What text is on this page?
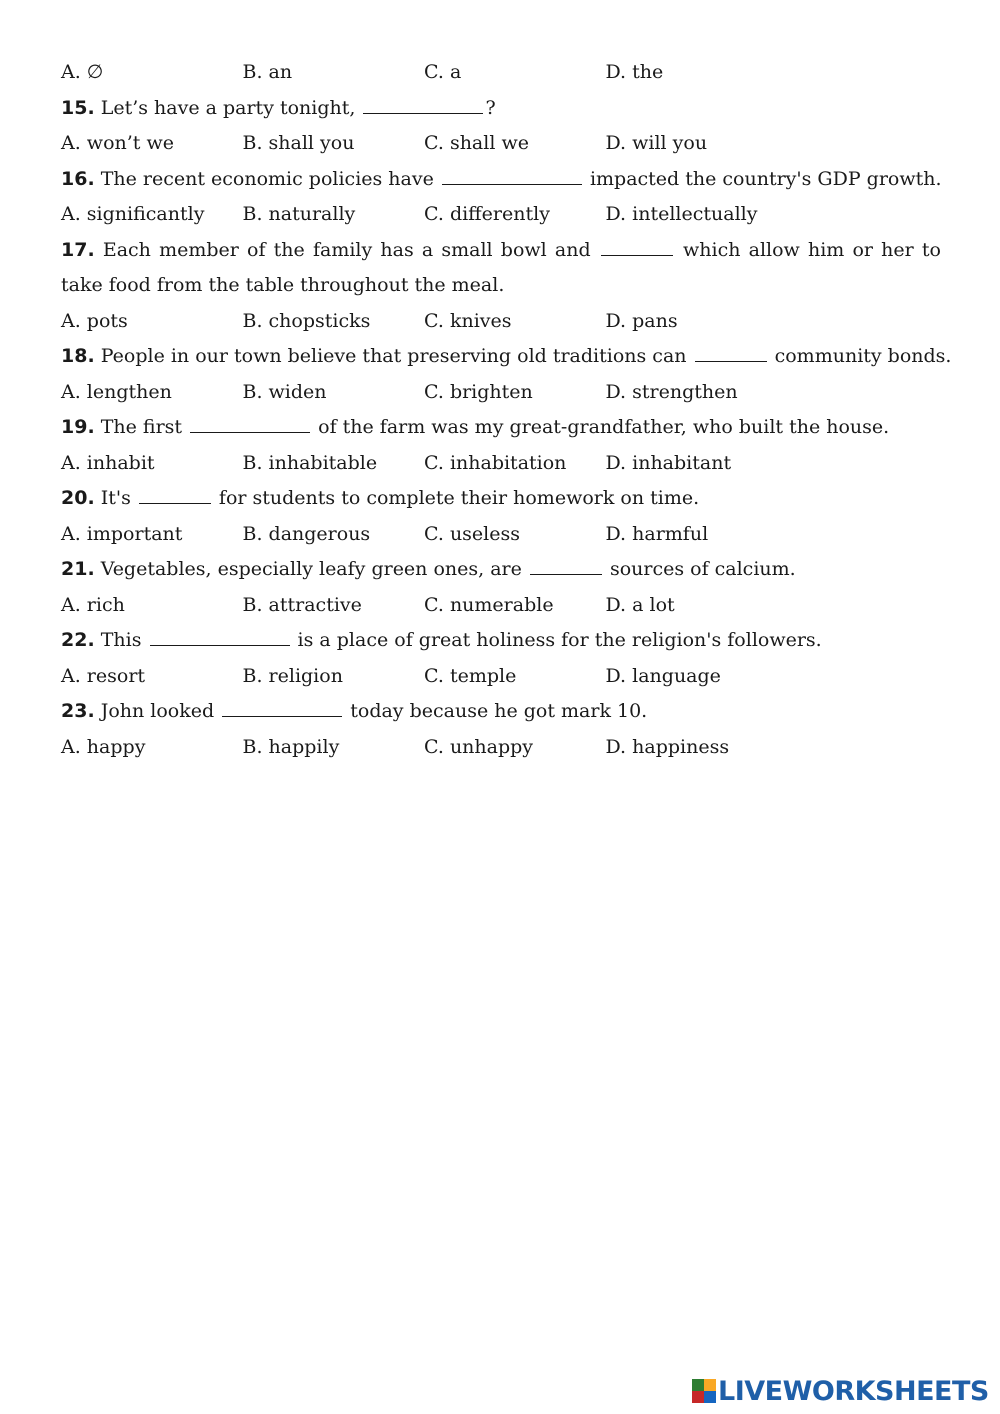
A. ∅	B. an	C. a	D. the
15. Let’s have a party tonight,	?
A. won’t we	B. shall you	C. shall we	D. will you
16. The recent economic policies have	impacted the country's GDP growth.
A. significantly	B. naturally	C. differently	D. intellectually
17. Each member of the family has a small bowl and	which allow him or her to take food from the table throughout the meal.
A. pots	B. chopsticks	C. knives	D. pans
18. People in our town believe that preserving old traditions can	community bonds.
A. lengthen	B. widen	C. brighten	D. strengthen
19. The first	of the farm was my great-grandfather, who built the house.
A. inhabit	B. inhabitable	C. inhabitation	D. inhabitant
20. It's	for students to complete their homework on time.
A. important	B. dangerous	C. useless	D. harmful
21. Vegetables, especially leafy green ones, are	sources of calcium.
A. rich	B. attractive	C. numerable	D. a lot
22. This	is a place of great holiness for the religion's followers.
A. resort	B. religion	C. temple	D. language
23. John looked	today because he got mark 10.
A. happy	B. happily	C. unhappy	D. happiness
LIVEWORKSHEETS
